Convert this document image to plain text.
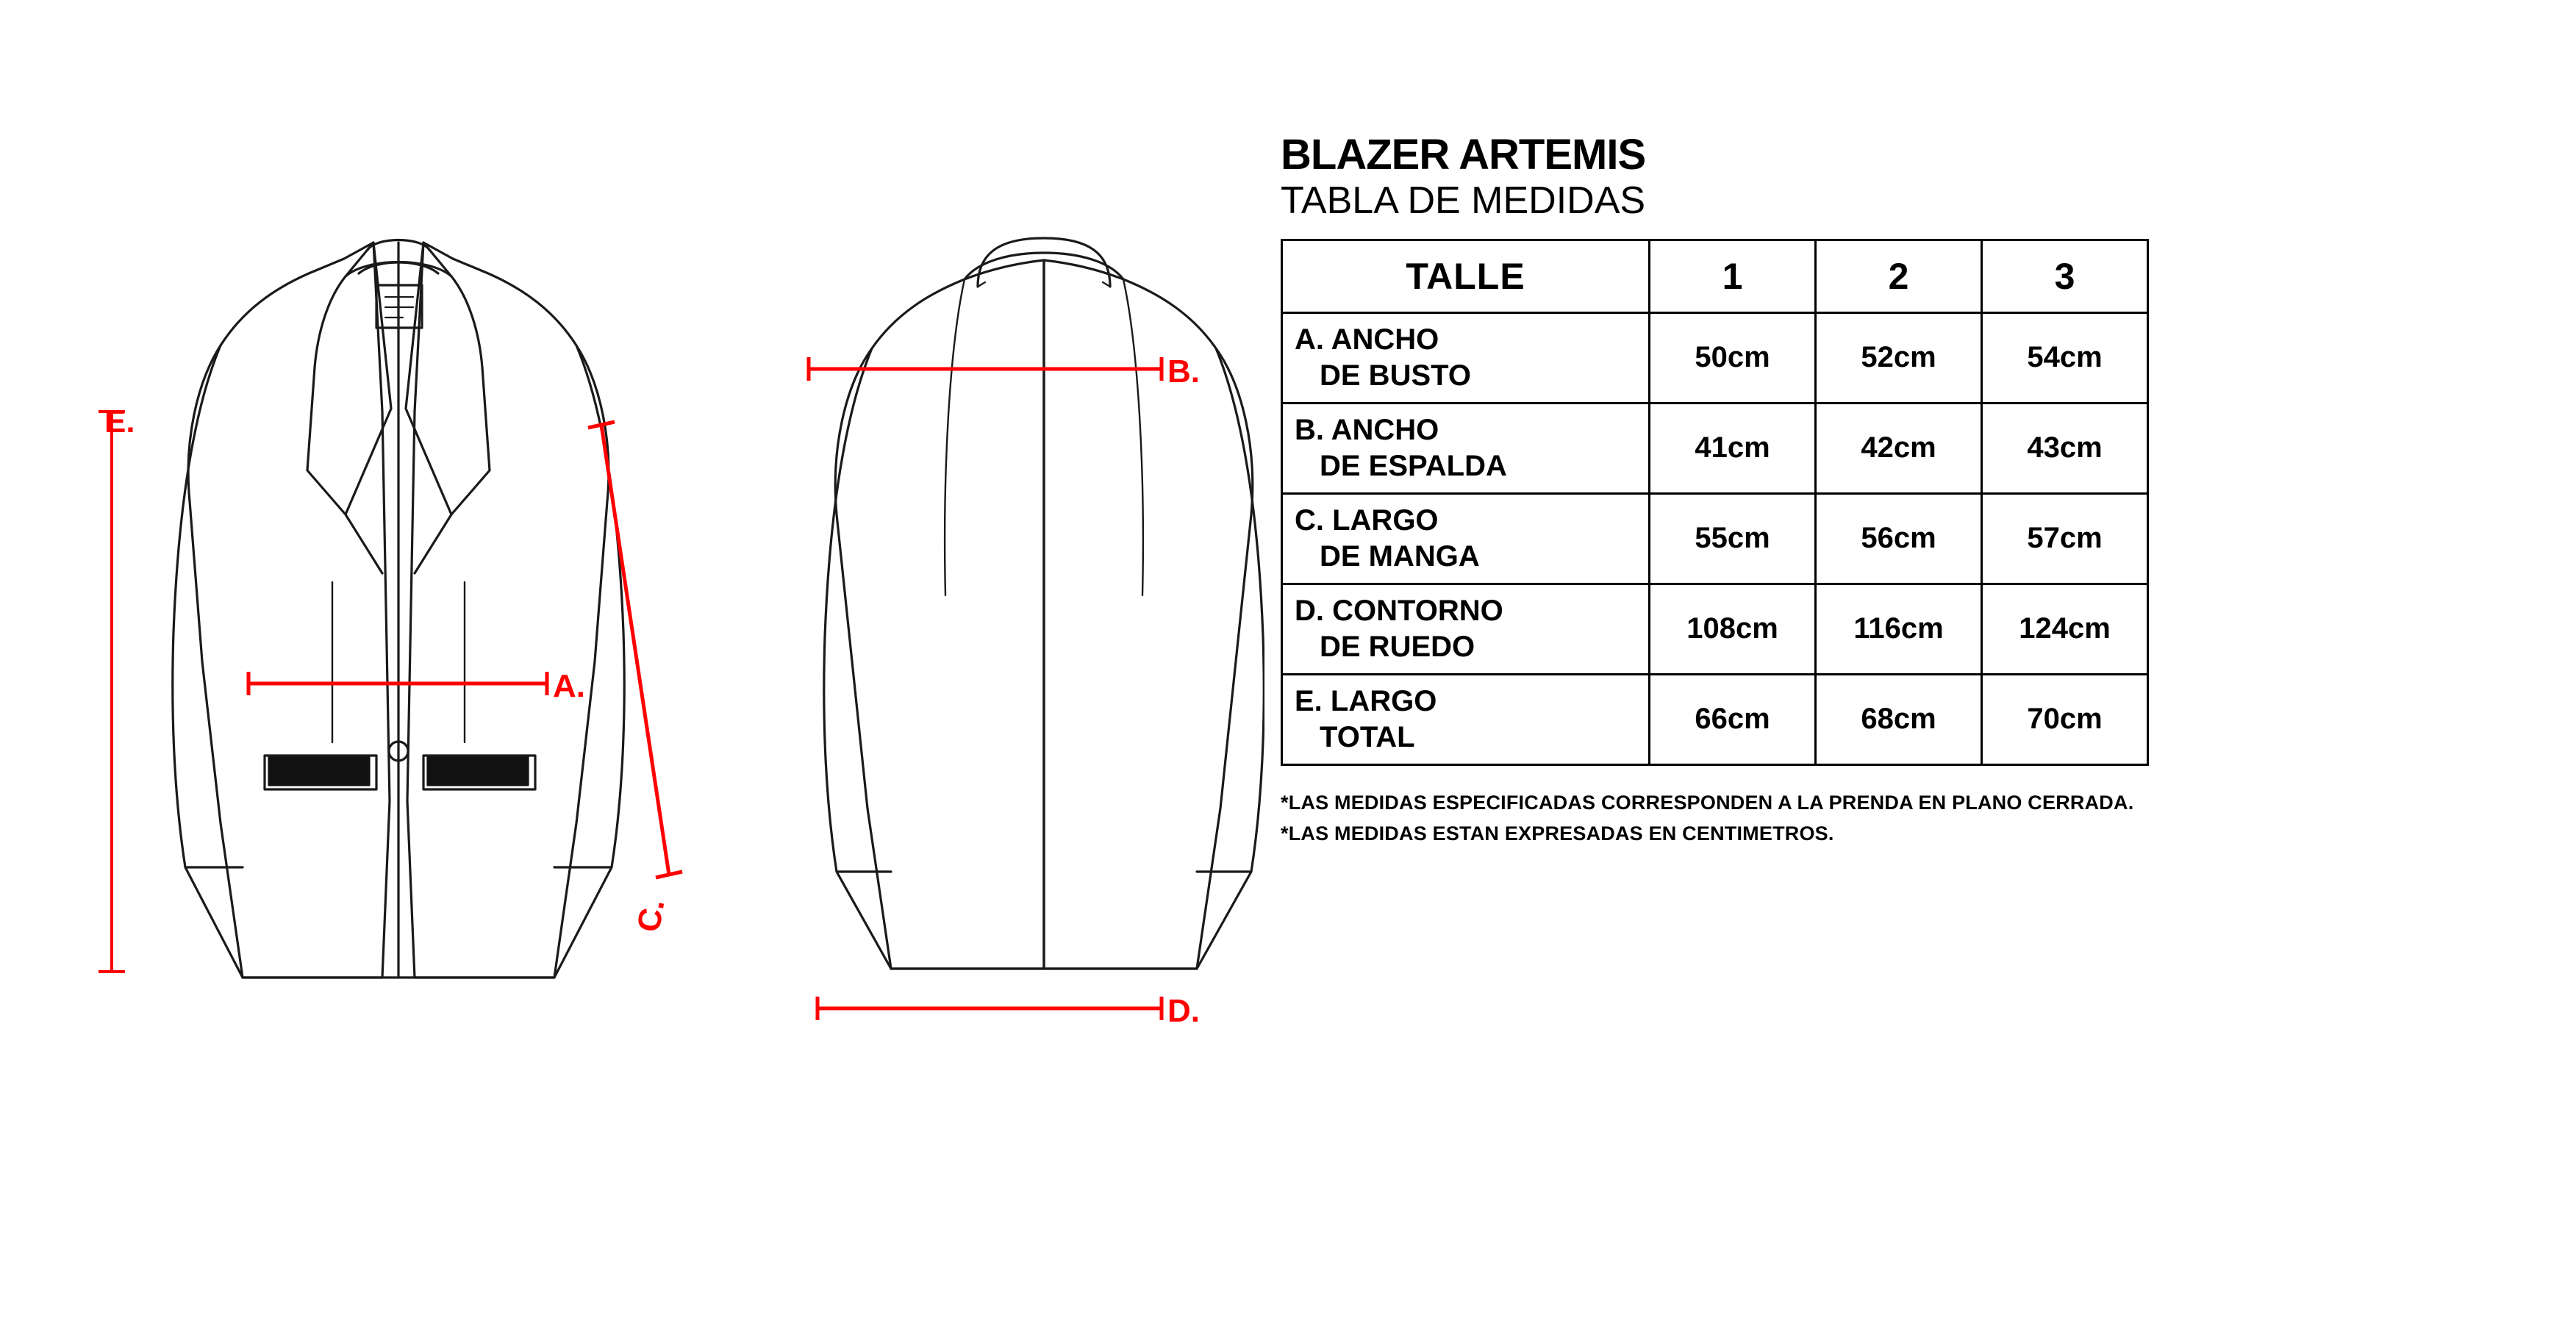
E.
A.
C.
B.
D.
BLAZER ARTEMIS
TABLA DE MEDIDAS
TALLE	1	2	3
A. ANCHO
DE BUSTO	50cm	52cm	54cm
B. ANCHO
DE ESPALDA	41cm	42cm	43cm
C. LARGO
DE MANGA	55cm	56cm	57cm
D. CONTORNO
DE RUEDO	108cm	116cm	124cm
E. LARGO
TOTAL	66cm	68cm	70cm
*LAS MEDIDAS ESPECIFICADAS CORRESPONDEN A LA PRENDA EN PLANO CERRADA.
*LAS MEDIDAS ESTAN EXPRESADAS EN CENTIMETROS.
